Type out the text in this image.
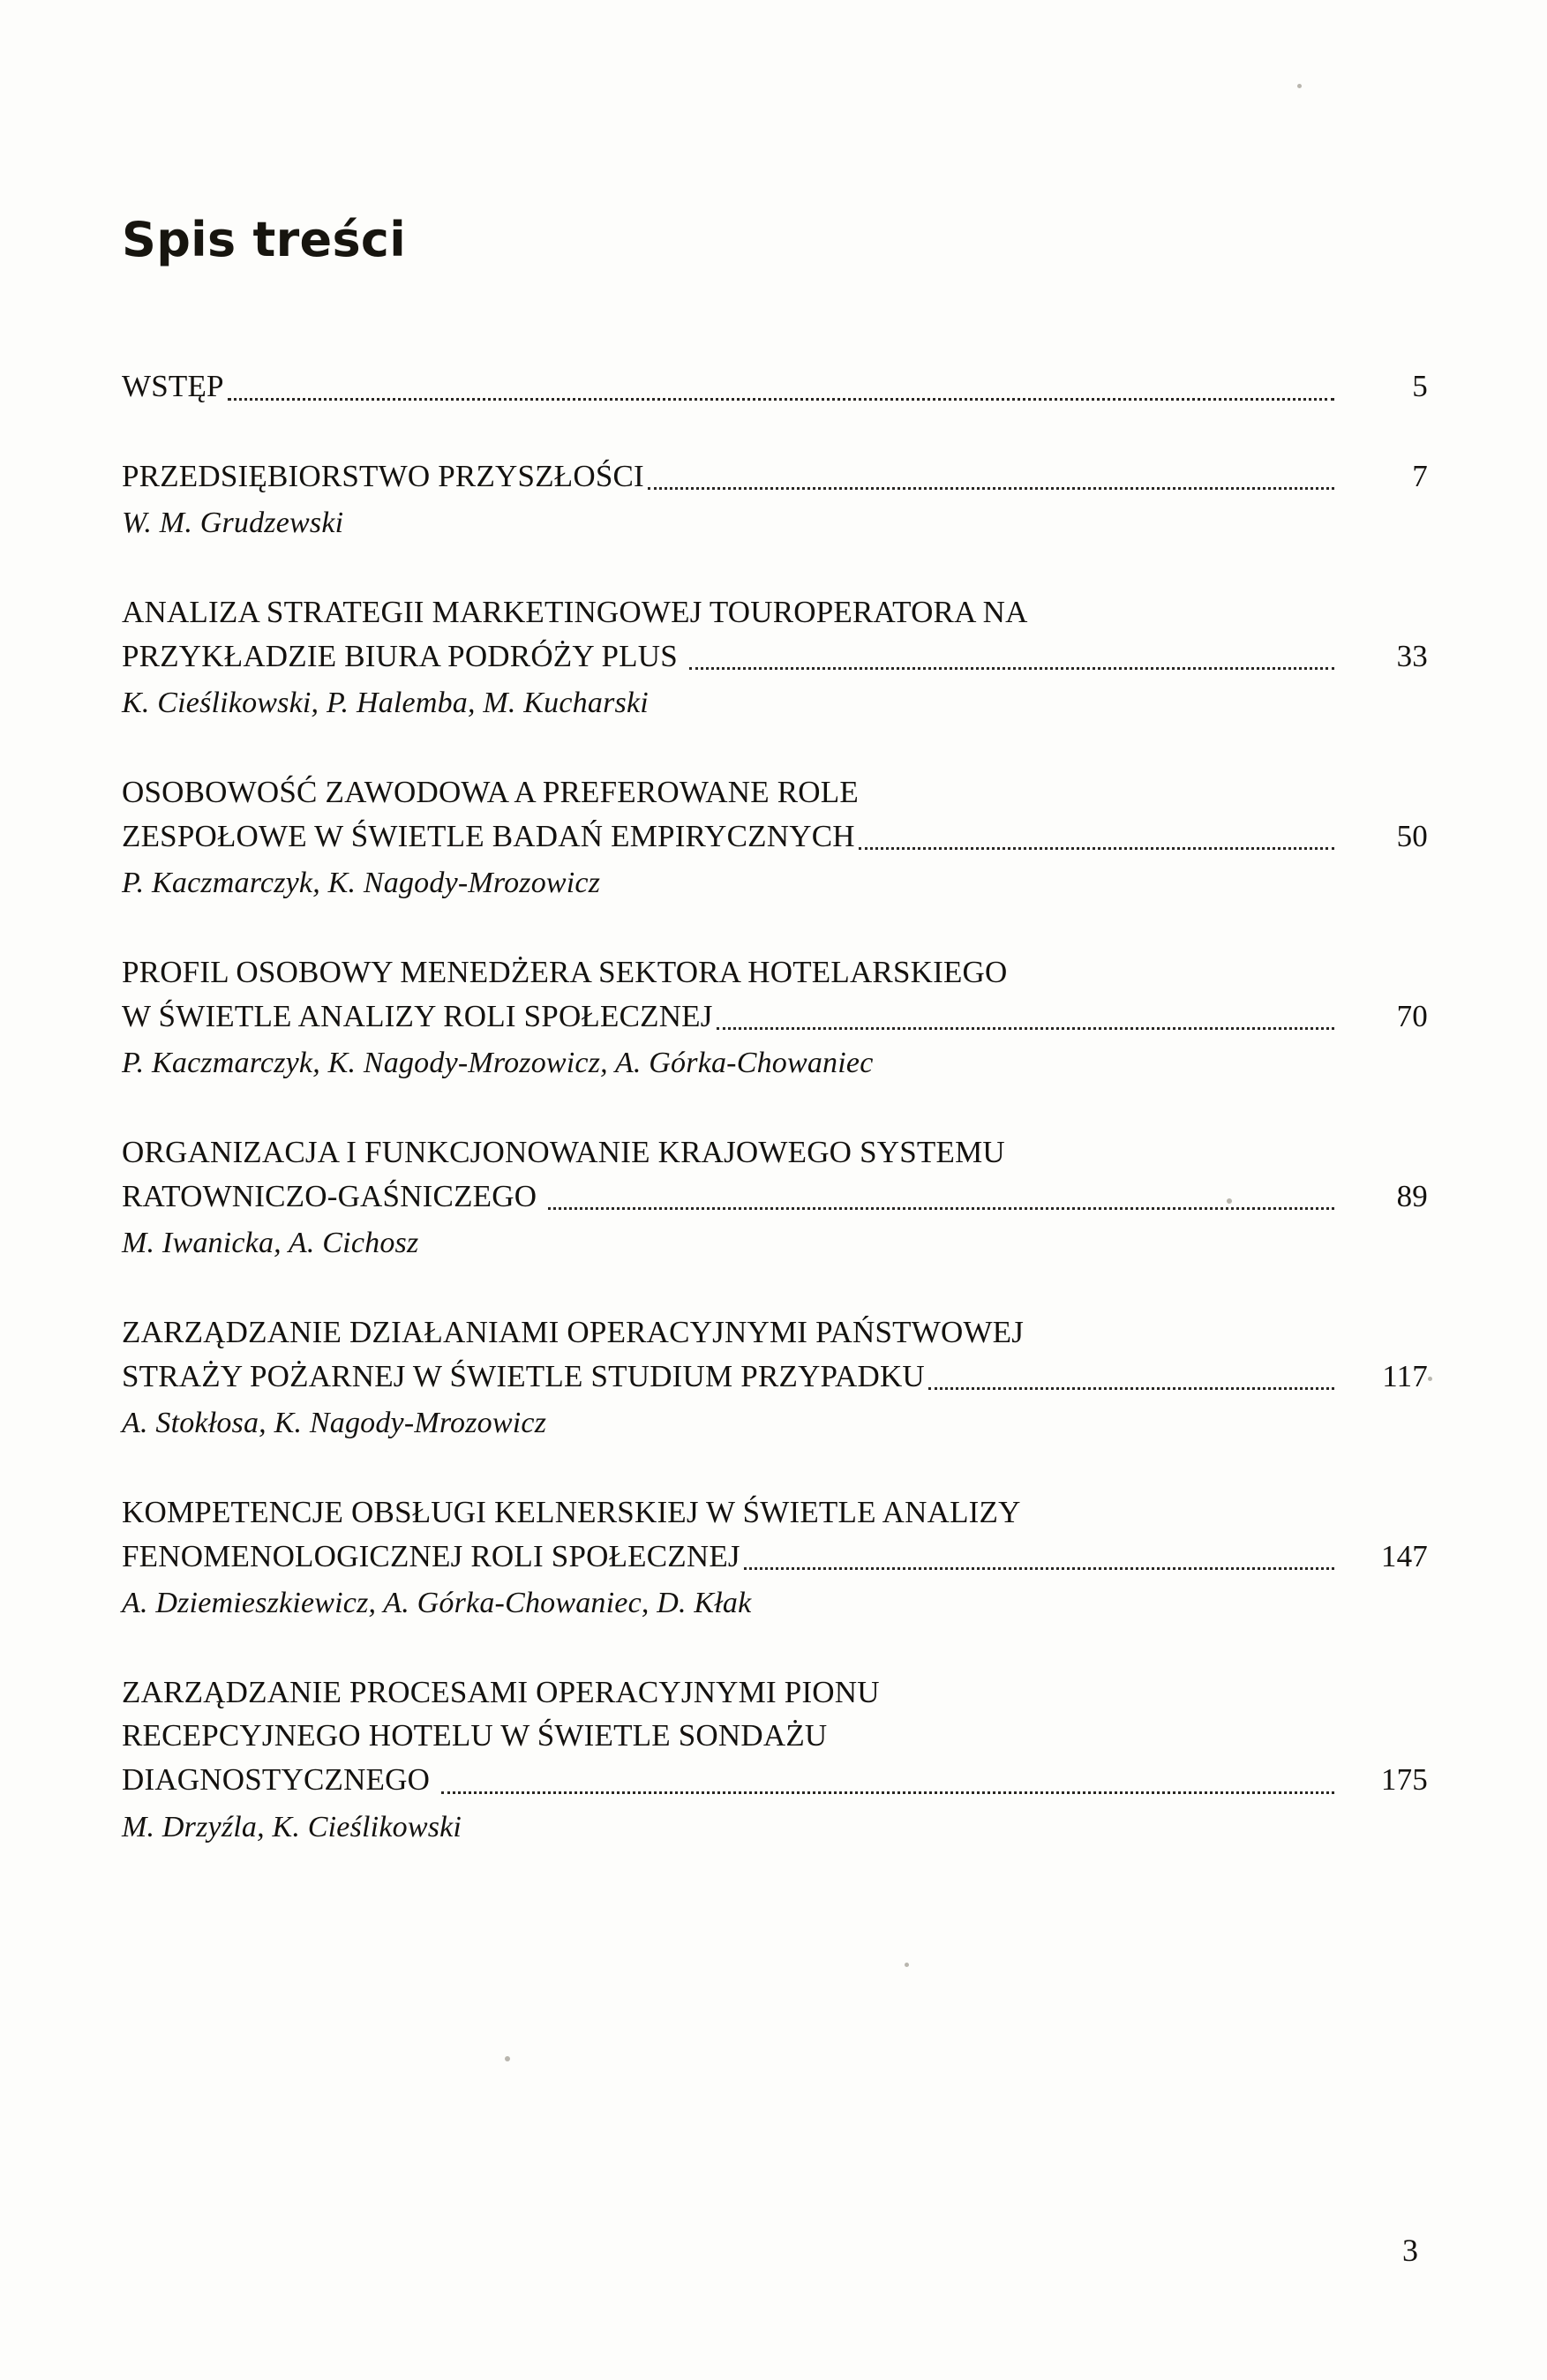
Spis treści
WSTĘP	5
PRZEDSIĘBIORSTWO PRZYSZŁOŚCI	7
W. M. Grudzewski
ANALIZA STRATEGII MARKETINGOWEJ TOUROPERATORA NA
PRZYKŁADZIE BIURA PODRÓŻY PLUS	33
K. Cieślikowski, P. Halemba, M. Kucharski
OSOBOWOŚĆ ZAWODOWA A PREFEROWANE ROLE
ZESPOŁOWE W ŚWIETLE BADAŃ EMPIRYCZNYCH	50
P. Kaczmarczyk, K. Nagody-Mrozowicz
PROFIL OSOBOWY MENEDŻERA SEKTORA HOTELARSKIEGO
W ŚWIETLE ANALIZY ROLI SPOŁECZNEJ	70
P. Kaczmarczyk, K. Nagody-Mrozowicz, A. Górka-Chowaniec
ORGANIZACJA I FUNKCJONOWANIE KRAJOWEGO SYSTEMU
RATOWNICZO-GAŚNICZEGO	89
M. Iwanicka, A. Cichosz
ZARZĄDZANIE DZIAŁANIAMI OPERACYJNYMI PAŃSTWOWEJ
STRAŻY POŻARNEJ W ŚWIETLE STUDIUM PRZYPADKU	117
A. Stokłosa, K. Nagody-Mrozowicz
KOMPETENCJE OBSŁUGI KELNERSKIEJ W ŚWIETLE ANALIZY
FENOMENOLOGICZNEJ ROLI SPOŁECZNEJ	147
A. Dziemieszkiewicz, A. Górka-Chowaniec, D. Kłak
ZARZĄDZANIE PROCESAMI OPERACYJNYMI PIONU
RECEPCYJNEGO HOTELU W ŚWIETLE SONDAŻU
DIAGNOSTYCZNEGO	175
M. Drzyźla, K. Cieślikowski
3
